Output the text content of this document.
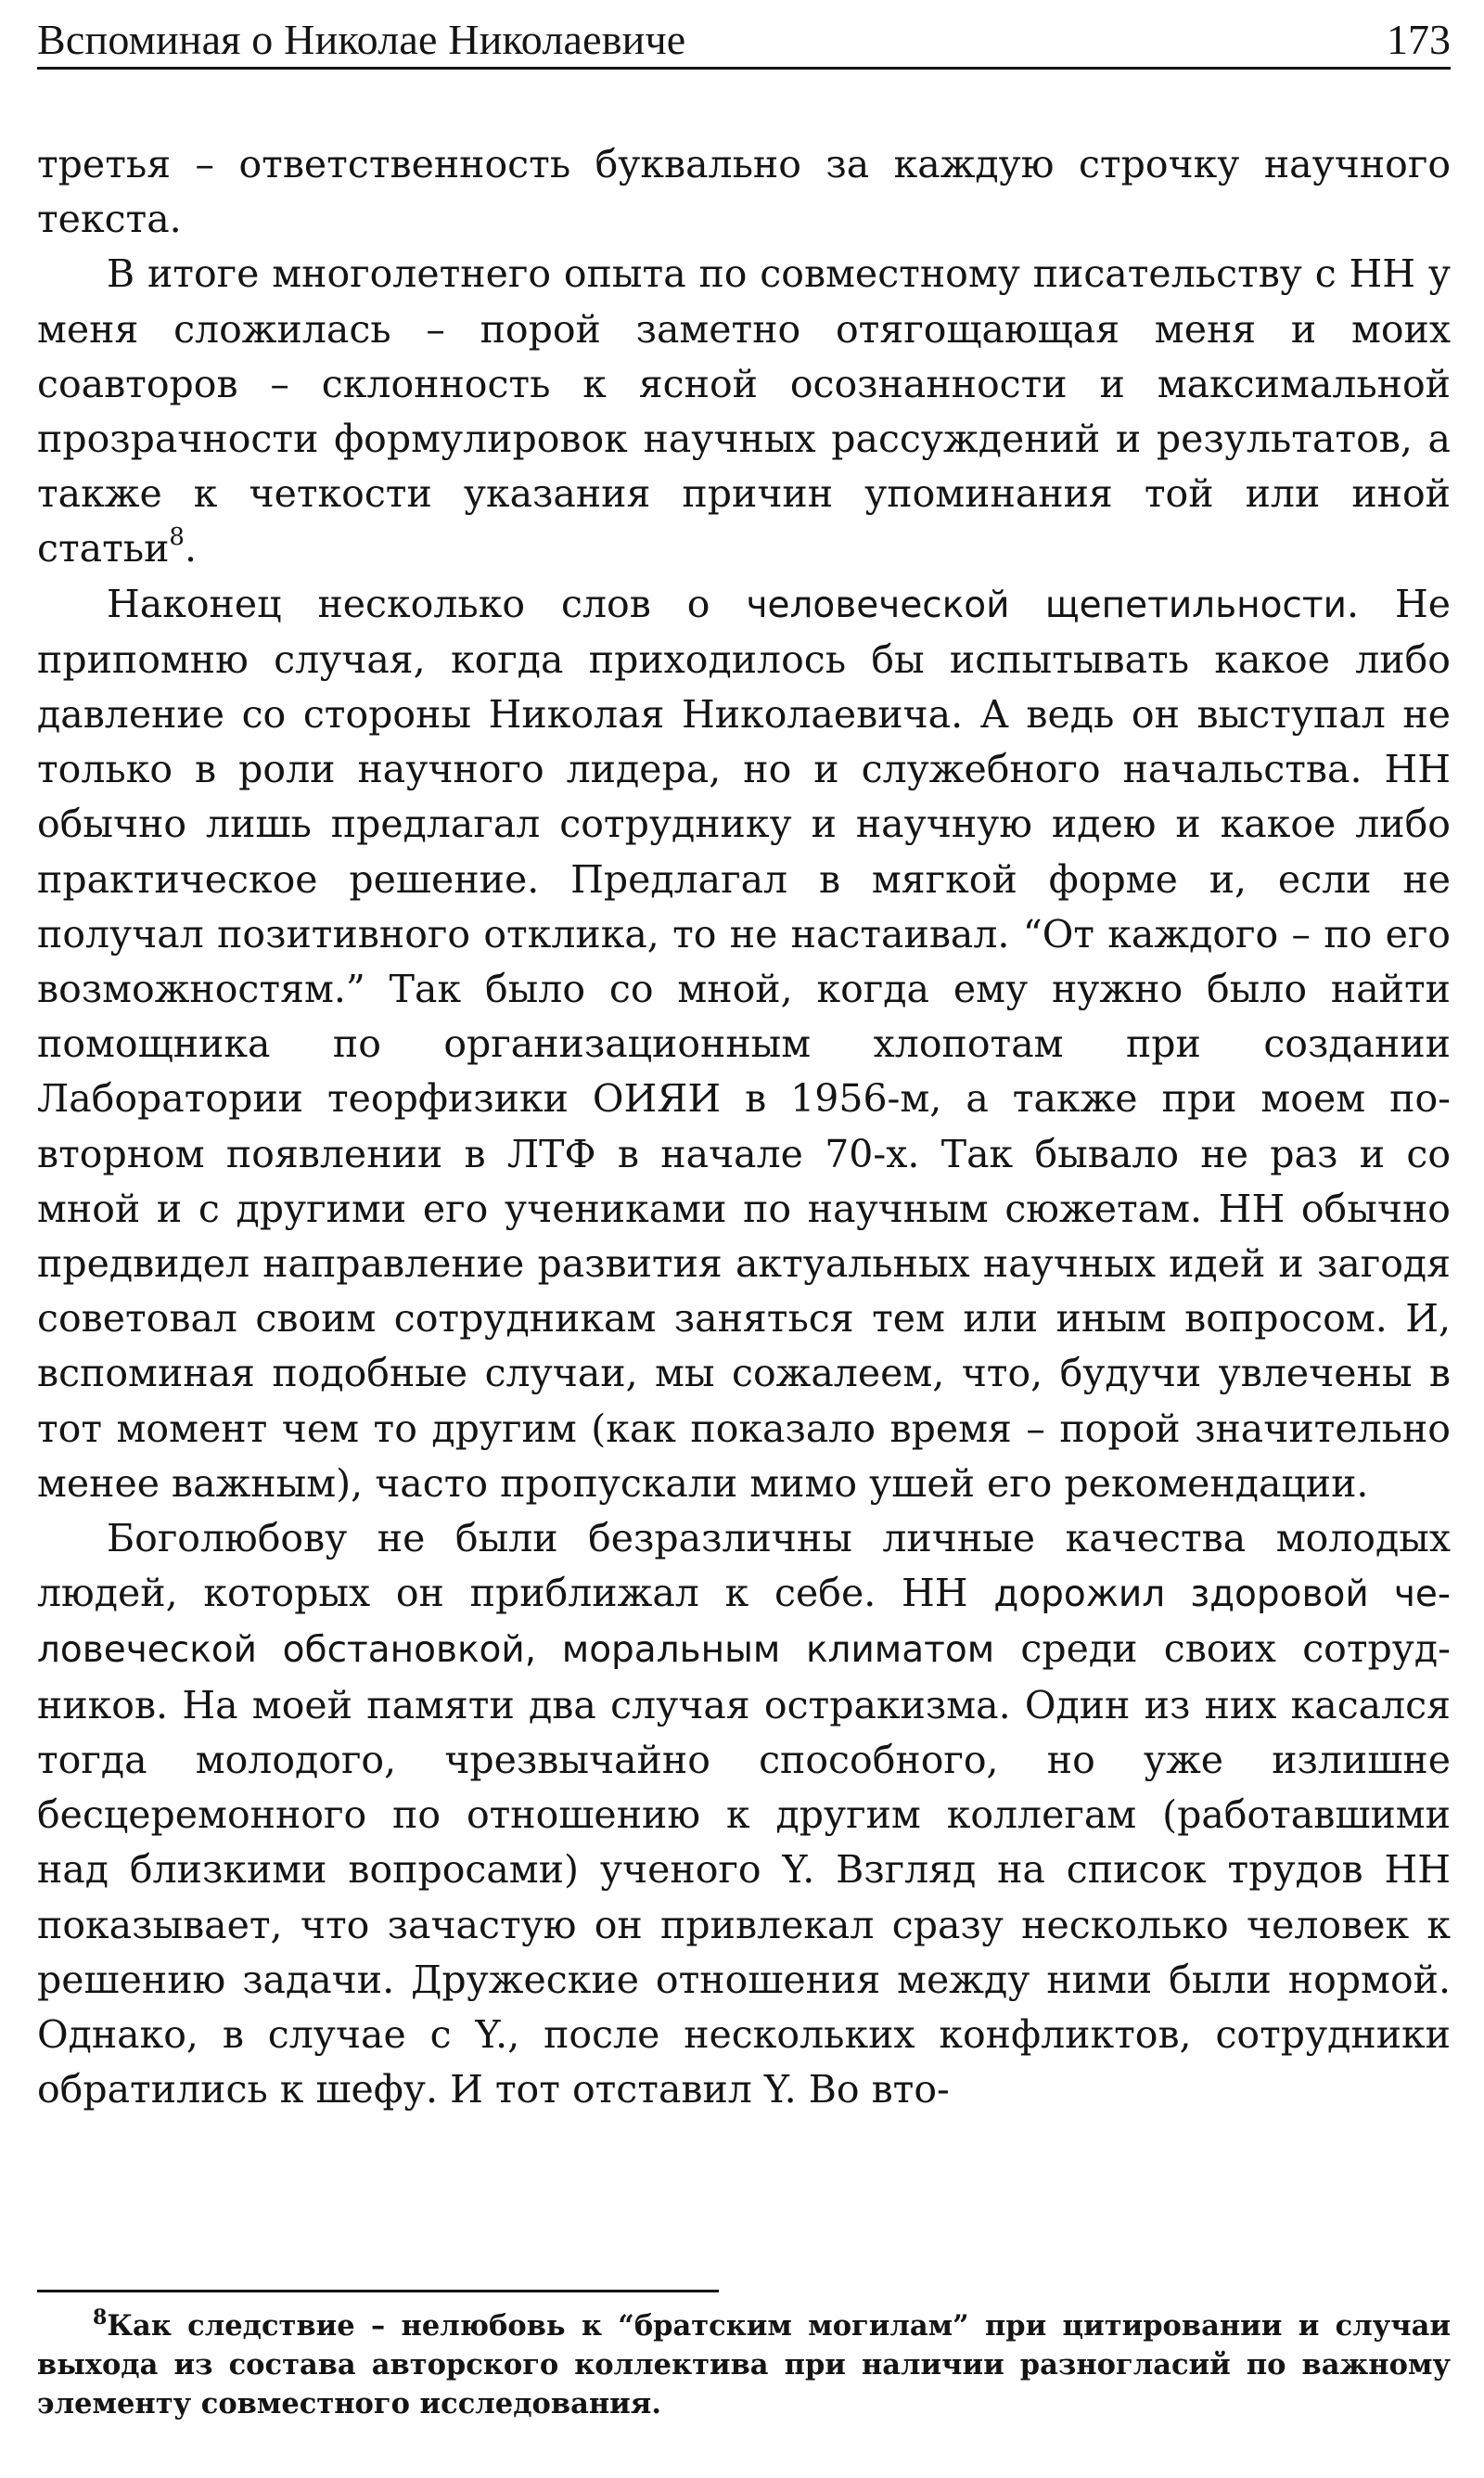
Вспоминая о Николае Николаевиче	173

третья – ответственность буквально за каждую строчку научного текста.

В итоге многолетнего опыта по совместному писательству с НН у меня сложилась – порой заметно отягощающая меня и моих соавторов – склонность к ясной осознанности и максимальной прозрачности формулировок научных рассуждений и результатов, а также к четкости указания причин упоминания той или иной статьи$^8$.

Наконец несколько слов о человеческой щепетильности. Не припомню случая, когда приходилось бы испытывать какое либо давление со стороны Николая Николаевича. А ведь он выступал не только в роли научного лидера, но и служебного начальства. НН обычно лишь предлагал сотруднику и научную идею и какое либо практическое решение. Предлагал в мягкой форме и, если не получал позитивного отклика, то не настаивал. “От каждого – по его возможностям.” Так было со мной, когда ему нужно было найти помощника по организационным хлопотам при создании Лаборатории теорфизики ОИЯИ в 1956-м, а также при моем повторном появлении в ЛТФ в начале 70-х. Так бывало не раз и со мной и с другими его учениками по научным сюжетам. НН обычно предвидел направление развития актуальных научных идей и загодя советовал своим сотрудникам заняться тем или иным вопросом. И, вспоминая подобные случаи, мы сожалеем, что, будучи увлечены в тот момент чем то другим (как показало время – порой значительно менее важным), часто пропускали мимо ушей его рекомендации.

Боголюбову не были безразличны личные качества молодых людей, которых он приближал к себе. НН дорожил здоровой человеческой обстановкой, моральным климатом среди своих сотрудников. На моей памяти два случая остракизма. Один из них касался тогда молодого, чрезвычайно способного, но уже излишне бесцеремонного по отношению к другим коллегам (работавшими над близкими вопросами) ученого Y. Взгляд на список трудов НН показывает, что зачастую он привлекал сразу несколько человек к решению задачи. Дружеские отношения между ними были нормой. Однако, в случае с Y., после нескольких конфликтов, сотрудники обратились к шефу. И тот отставил Y. Во вто-

$^8$Как следствие – нелюбовь к “братским могилам” при цитировании и случаи выхода из состава авторского коллектива при наличии разногласий по важному элементу совместного исследования.
